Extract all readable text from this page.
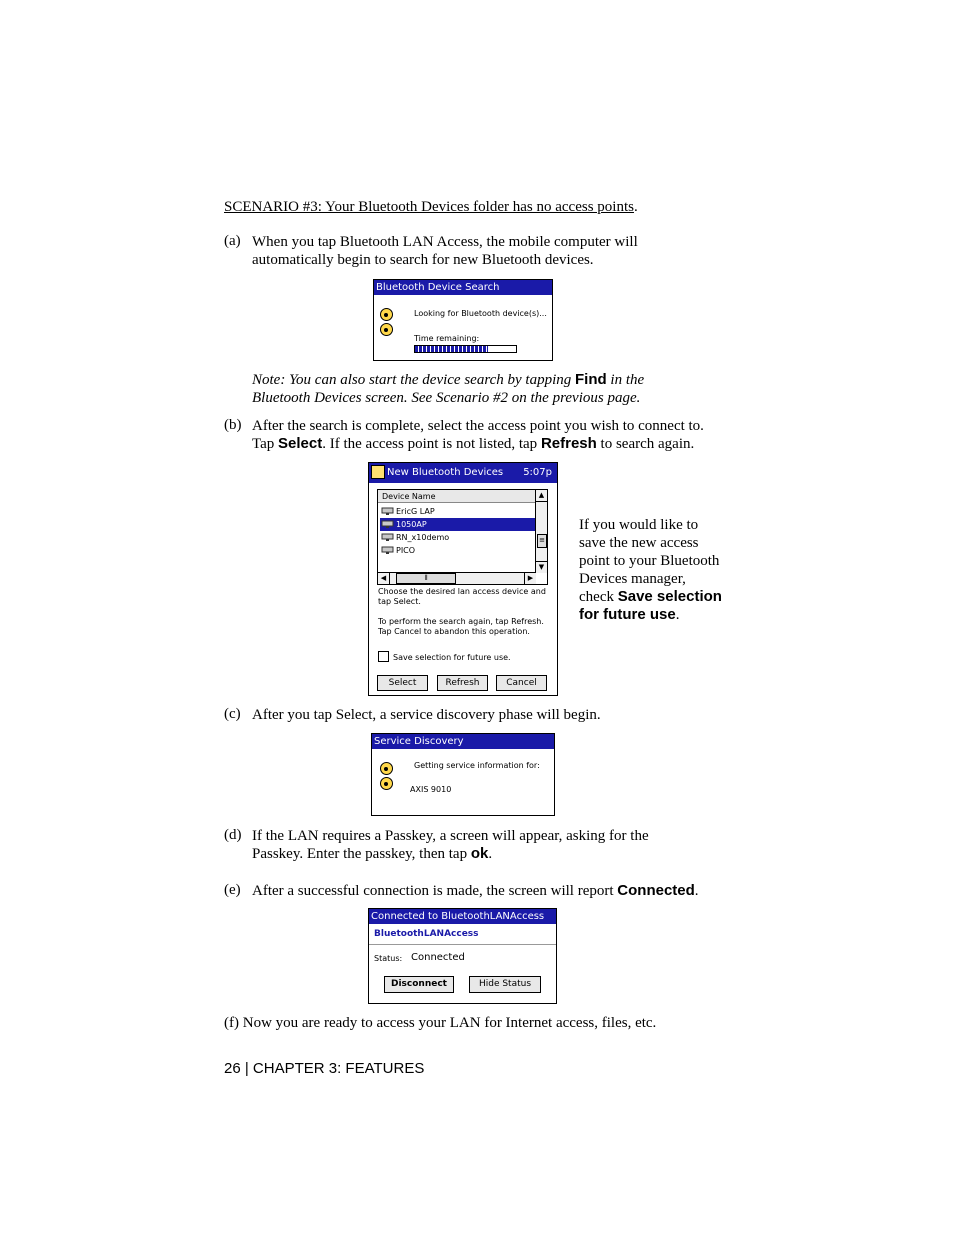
SCENARIO #3: Your Bluetooth Devices folder has no access points.
(a) When you tap Bluetooth LAN Access, the mobile computer will
automatically begin to search for new Bluetooth devices.
Bluetooth Device Search
Looking for Bluetooth device(s)...
Time remaining:
Note: You can also start the device search by tapping Find in the
Bluetooth Devices screen. See Scenario #2 on the previous page.
(b) After the search is complete, select the access point you wish to connect to.
Tap Select. If the access point is not listed, tap Refresh to search again.
New Bluetooth Devices 5:07p
Device Name
EricG LAP
1050AP
RN_x10demo
PICO
▲
≡
▼
◀	⦀	▶
Choose the desired lan access device and
tap Select.
To perform the search again, tap Refresh.
Tap Cancel to abandon this operation.
Save selection for future use.
Select	Refresh	Cancel
If you would like to
save the new access
point to your Bluetooth
Devices manager,
check Save selection
for future use.
(c) After you tap Select, a service discovery phase will begin.
Service Discovery
Getting service information for:
AXIS 9010
(d) If the LAN requires a Passkey, a screen will appear, asking for the
Passkey. Enter the passkey, then tap ok.
(e) After a successful connection is made, the screen will report Connected.
Connected to BluetoothLANAccess
BluetoothLANAccess
Status: Connected
Disconnect	Hide Status
(f) Now you are ready to access your LAN for Internet access, files, etc.
26 | CHAPTER 3: FEATURES
